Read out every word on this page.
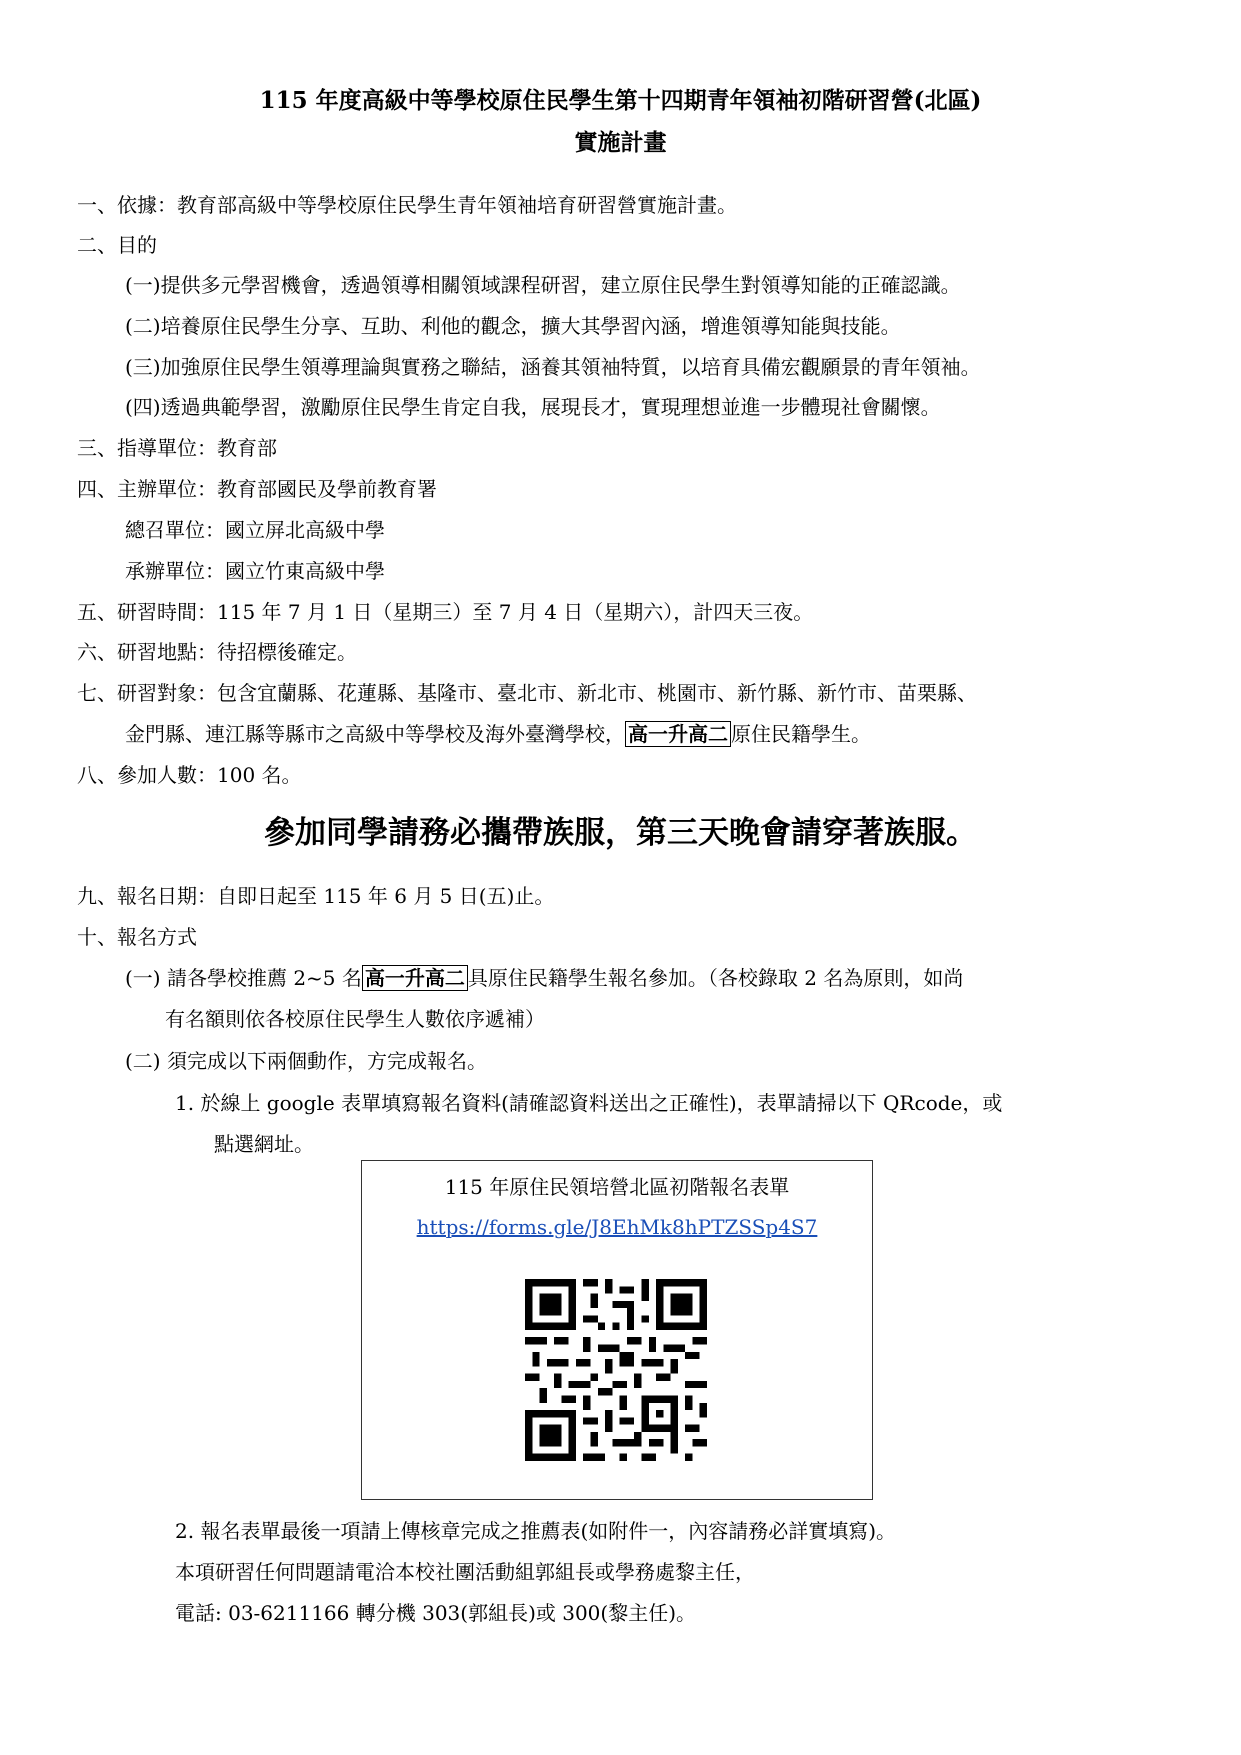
115 年度高級中等學校原住民學生第十四期青年領袖初階研習營(北區)
實施計畫
一、依據：教育部高級中等學校原住民學生青年領袖培育研習營實施計畫。
二、目的
(一)提供多元學習機會，透過領導相關領域課程研習，建立原住民學生對領導知能的正確認識。
(二)培養原住民學生分享、互助、利他的觀念，擴大其學習內涵，增進領導知能與技能。
(三)加強原住民學生領導理論與實務之聯結，涵養其領袖特質，以培育具備宏觀願景的青年領袖。
(四)透過典範學習，激勵原住民學生肯定自我，展現長才，實現理想並進一步體現社會關懷。
三、指導單位：教育部
四、主辦單位：教育部國民及學前教育署
總召單位：國立屏北高級中學
承辦單位：國立竹東高級中學
五、研習時間：115 年 7 月 1 日（星期三）至 7 月 4 日（星期六），計四天三夜。
六、研習地點：待招標後確定。
七、研習對象：包含宜蘭縣、花蓮縣、基隆市、臺北市、新北市、桃園市、新竹縣、新竹市、苗栗縣、
金門縣、連江縣等縣市之高級中等學校及海外臺灣學校， 高一升高二 原住民籍學生。
八、參加人數：100 名。
參加同學請務必攜帶族服，第三天晚會請穿著族服。
九、報名日期：自即日起至 115 年 6 月 5 日(五)止。
十、報名方式
(一) 請各學校推薦 2~5 名 高一升高二 具原住民籍學生報名參加。（各校錄取 2 名為原則，如尚
有名額則依各校原住民學生人數依序遞補）
(二) 須完成以下兩個動作，方完成報名。
1. 於線上 google 表單填寫報名資料(請確認資料送出之正確性)，表單請掃以下 QRcode，或
點選網址。
115 年原住民領培營北區初階報名表單
https://forms.gle/J8EhMk8hPTZSSp4S7
2. 報名表單最後一項請上傳核章完成之推薦表(如附件一，內容請務必詳實填寫)。
本項研習任何問題請電洽本校社團活動組郭組長或學務處黎主任，
電話: 03-6211166 轉分機 303(郭組長)或 300(黎主任)。
